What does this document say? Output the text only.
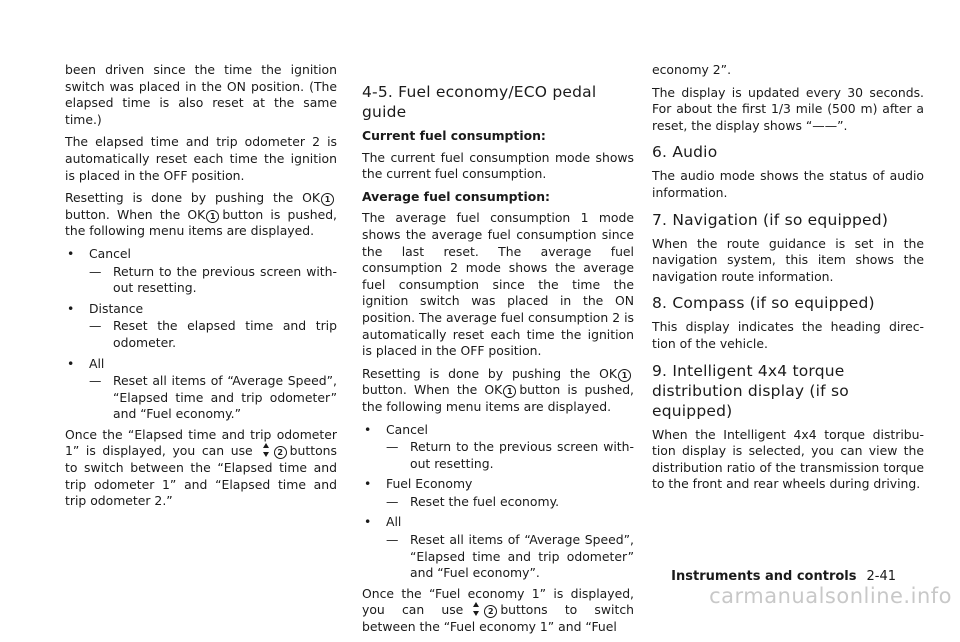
been driven since the time the ignition switch was placed in the ON position. (The elapsed time is also reset at the same time.)

The elapsed time and trip odometer 2 is automatically reset each time the ignition is placed in the OFF position.

Resetting is done by pushing the OK 1 button. When the OK 1 button is pushed, the following menu items are displayed.

• Cancel
— Return to the previous screen with- out resetting.
• Distance
— Reset the elapsed time and trip odometer.
• All
— Reset all items of “Average Speed”, “Elapsed time and trip odometer” and “Fuel economy.”

Once the “Elapsed time and trip odometer 1” is displayed, you can use	2 buttons to switch between the “Elapsed time and trip odometer 1” and “Elapsed time and trip odometer 2.”

4-5. Fuel economy/ECO pedal guide

Current fuel consumption:

The current fuel consumption mode shows the current fuel consumption.

Average fuel consumption:

The average fuel consumption 1 mode shows the average fuel consumption since the last reset. The average fuel consumption 2 mode shows the average fuel consumption since the time the ignition switch was placed in the ON position. The average fuel consumption 2 is automatically reset each time the ignition is placed in the OFF position.

Resetting is done by pushing the OK 1 button. When the OK 1 button is pushed, the following menu items are displayed.

• Cancel
— Return to the previous screen with- out resetting.
• Fuel Economy
— Reset the fuel economy.
• All
— Reset all items of “Average Speed”, “Elapsed time and trip odometer” and “Fuel economy”.

Once the “Fuel economy 1” is displayed, you can use	2 buttons to switch between the “Fuel economy 1” and “Fuel

economy 2”.

The display is updated every 30 seconds. For about the first 1/3 mile (500 m) after a reset, the display shows “——”.

6. Audio

The audio mode shows the status of audio information.

7. Navigation (if so equipped)

When the route guidance is set in the navigation system, this item shows the navigation route information.

8. Compass (if so equipped)

This display indicates the heading direc- tion of the vehicle.

9. Intelligent 4x4 torque distribution display (if so equipped)

When the Intelligent 4x4 torque distribu- tion display is selected, you can view the distribution ratio of the transmission torque to the front and rear wheels during driving.

Instruments and controls 2-41
carmanualsonline.info
